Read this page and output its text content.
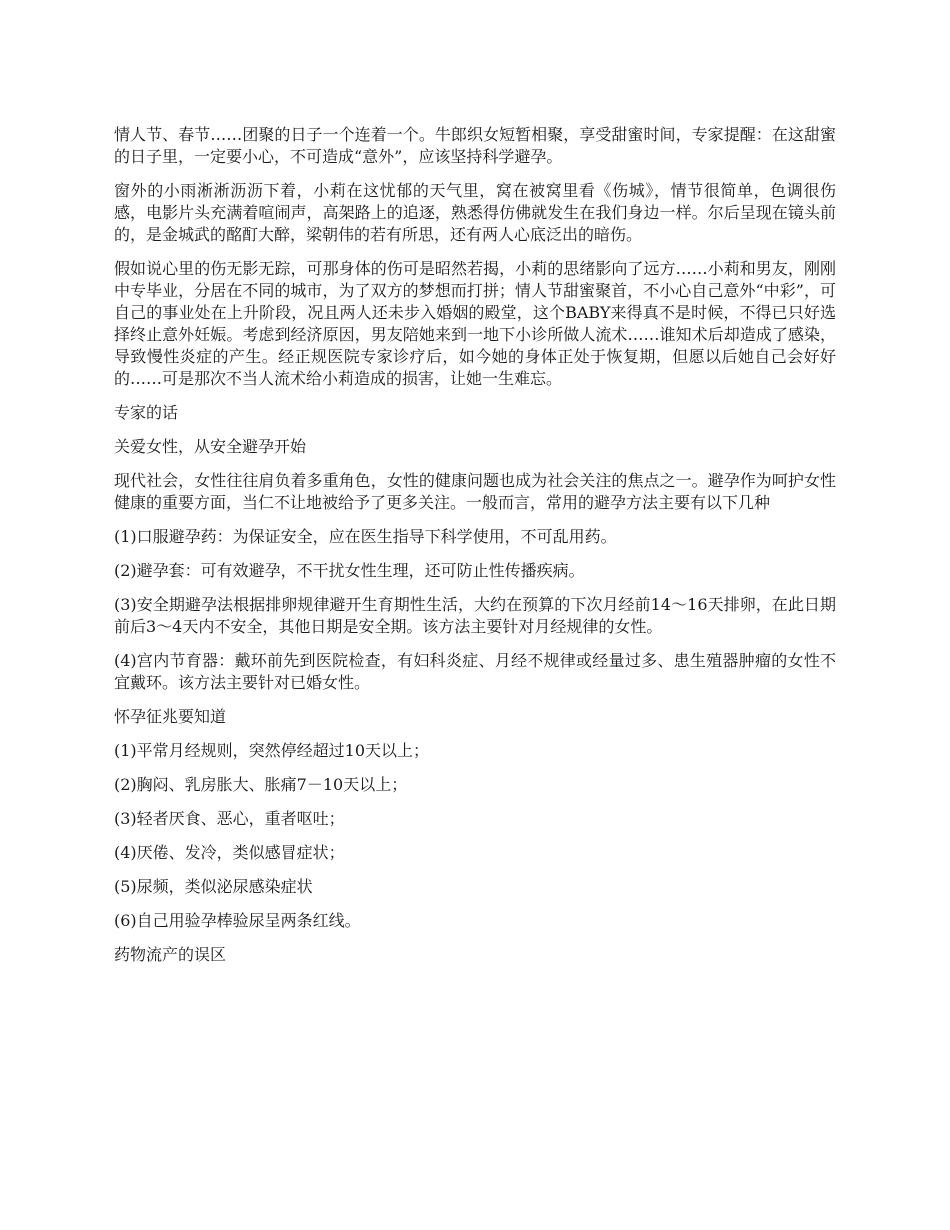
情人节、春节……团聚的日子一个连着一个。牛郎织女短暂相聚，享受甜蜜时间，专家提醒：在这甜蜜的日子里，一定要小心，不可造成“意外”，应该坚持科学避孕。

窗外的小雨淅淅沥沥下着，小莉在这忧郁的天气里，窝在被窝里看《伤城》，情节很简单，色调很伤感，电影片头充满着喧闹声，高架路上的追逐，熟悉得仿佛就发生在我们身边一样。尔后呈现在镜头前的，是金城武的酩酊大醉，梁朝伟的若有所思，还有两人心底泛出的暗伤。

假如说心里的伤无影无踪，可那身体的伤可是昭然若揭，小莉的思绪影向了远方……小莉和男友，刚刚中专毕业，分居在不同的城市，为了双方的梦想而打拼；情人节甜蜜聚首，不小心自己意外“中彩”，可自己的事业处在上升阶段，况且两人还未步入婚姻的殿堂，这个BABY来得真不是时候，不得已只好选择终止意外妊娠。考虑到经济原因，男友陪她来到一地下小诊所做人流术……谁知术后却造成了感染，导致慢性炎症的产生。经正规医院专家诊疗后，如今她的身体正处于恢复期，但愿以后她自己会好好的……可是那次不当人流术给小莉造成的损害，让她一生难忘。

专家的话

关爱女性，从安全避孕开始

现代社会，女性往往肩负着多重角色，女性的健康问题也成为社会关注的焦点之一。避孕作为呵护女性健康的重要方面，当仁不让地被给予了更多关注。一般而言，常用的避孕方法主要有以下几种

(1)口服避孕药：为保证安全，应在医生指导下科学使用，不可乱用药。

(2)避孕套：可有效避孕，不干扰女性生理，还可防止性传播疾病。

(3)安全期避孕法根据排卵规律避开生育期性生活，大约在预算的下次月经前14～16天排卵，在此日期前后3～4天内不安全，其他日期是安全期。该方法主要针对月经规律的女性。

(4)宫内节育器：戴环前先到医院检查，有妇科炎症、月经不规律或经量过多、患生殖器肿瘤的女性不宜戴环。该方法主要针对已婚女性。

怀孕征兆要知道

(1)平常月经规则，突然停经超过10天以上；

(2)胸闷、乳房胀大、胀痛7－10天以上；

(3)轻者厌食、恶心，重者呕吐；

(4)厌倦、发冷，类似感冒症状；

(5)尿频，类似泌尿感染症状

(6)自己用验孕棒验尿呈两条红线。

药物流产的误区
